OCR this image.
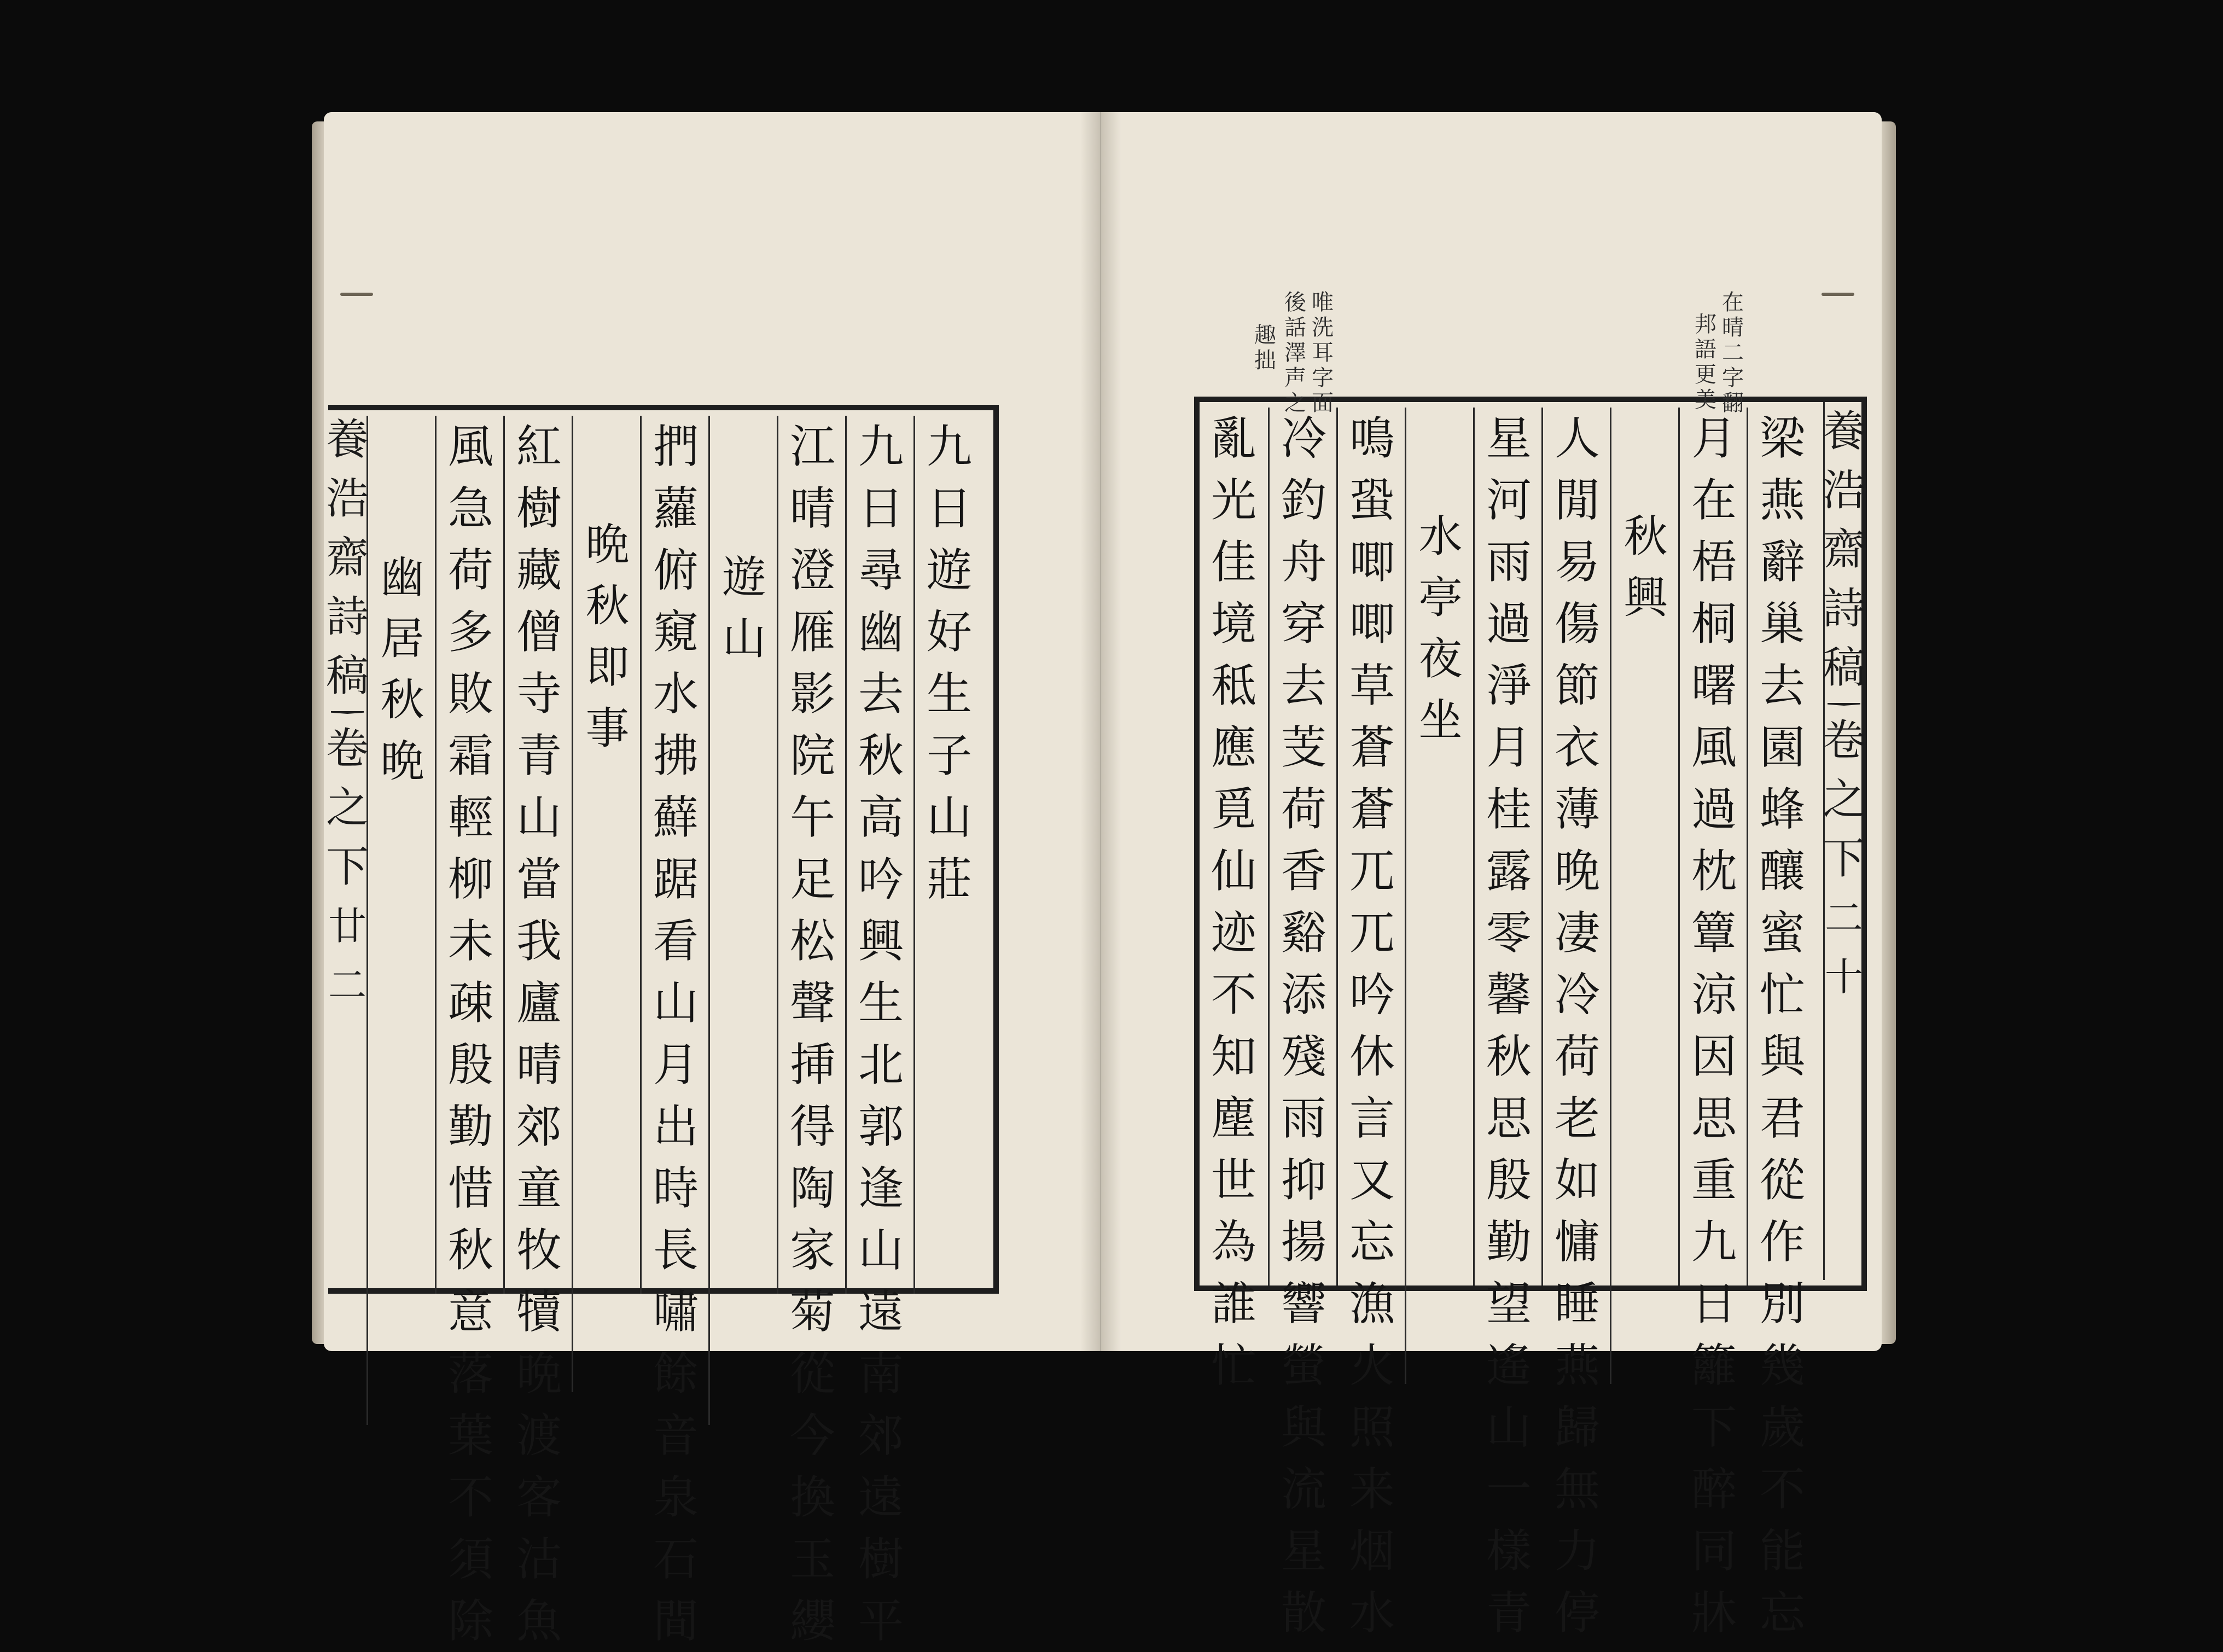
養
浩
齋
詩
稿
卷
之
下
廿
二
幽
居
秋
晩
風
急
荷
多
敗
霜
輕
柳
未
疎
殷
勤
惜
秋
意
落
葉
不
須
除
紅
樹
藏
僧
寺
青
山
當
我
廬
晴
郊
童
牧
犢
晩
渡
客
沽
魚
晩
秋
即
事
捫
蘿
俯
窺
水
拂
蘚
踞
看
山
月
出
時
長
嘯
餘
音
泉
石
間
遊
山
江
晴
澄
雁
影
院
午
足
松
聲
挿
得
陶
家
菊
從
今
換
玉
纓
九
日
尋
幽
去
秋
高
吟
興
生
北
郭
逢
山
遠
南
郊
遠
樹
平
九
日
遊
好
生
子
山
莊
亂
光
佳
境
秪
應
覓
仙
迹
不
知
塵
世
為
誰
忙
冷
釣
舟
穿
去
芰
荷
香
谿
添
殘
雨
抑
揚
響
螢
與
流
星
散
鳴
蛩
唧
唧
草
蒼
蒼
兀
兀
吟
休
言
又
忘
漁
火
照
来
烟
水
水
亭
夜
坐
星
河
雨
過
淨
月
桂
露
零
馨
秋
思
殷
勤
望
遙
山
一
樣
青
人
閒
易
傷
節
衣
薄
晚
凄
冷
荷
老
如
慵
睡
燕
歸
無
力
停
秋
興
月
在
梧
桐
曙
風
過
枕
簟
涼
因
思
重
九
日
籬
下
醉
同
牀
梁
燕
辭
巢
去
園
蜂
釀
蜜
忙
與
君
從
作
別
幾
歲
不
能
忘
養
浩
齋
詩
稿
卷
之
下
二
十
在
晴
二
字
翻
邦
語
更
美
唯
洗
耳
字
面
後
話
澤
声
之
趣
拙
